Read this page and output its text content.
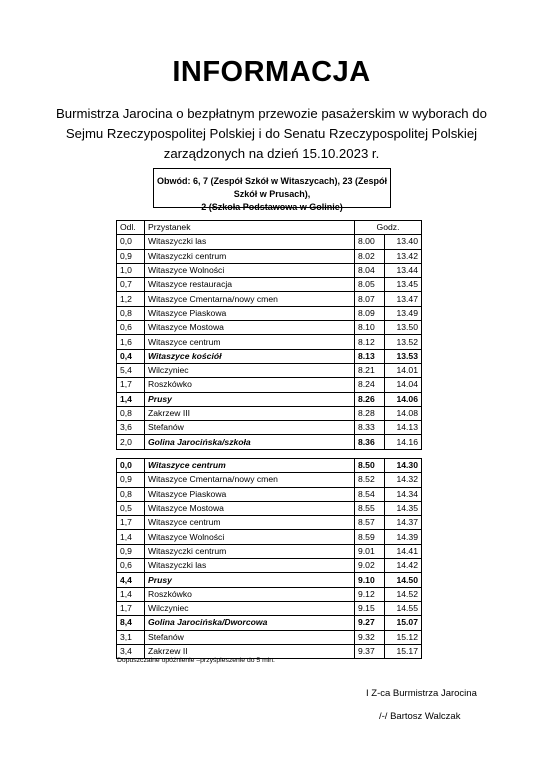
INFORMACJA
Burmistrza Jarocina o bezpłatnym przewozie pasażerskim w wyborach do Sejmu Rzeczypospolitej Polskiej i do Senatu Rzeczypospolitej Polskiej zarządzonych na dzień 15.10.2023 r.
Obwód: 6, 7 (Zespół Szkół w Witaszycach), 23 (Zespół Szkół w Prusach),
2 (Szkoła Podstawowa w Golinie)
Odl.	Przystanek	Godz.	
0,0	Witaszyczki las	8.00	13.40
0,9	Witaszyczki centrum	8.02	13.42
1,0	Witaszyce Wolności	8.04	13.44
0,7	Witaszyce restauracja	8.05	13.45
1,2	Witaszyce Cmentarna/nowy cmen	8.07	13.47
0,8	Witaszyce Piaskowa	8.09	13.49
0,6	Witaszyce Mostowa	8.10	13.50
1,6	Witaszyce centrum	8.12	13.52
0,4	Witaszyce kościół	8.13	13.53
5,4	Wilczyniec	8.21	14.01
1,7	Roszkówko	8.24	14.04
1,4	Prusy	8.26	14.06
0,8	Zakrzew III	8.28	14.08
3,6	Stefanów	8.33	14.13
2,0	Golina Jarocińska/szkoła	8.36	14.16
0,0	Witaszyce centrum	8.50	14.30
0,9	Witaszyce Cmentarna/nowy cmen	8.52	14.32
0,8	Witaszyce Piaskowa	8.54	14.34
0,5	Witaszyce Mostowa	8.55	14.35
1,7	Witaszyce centrum	8.57	14.37
1,4	Witaszyce Wolności	8.59	14.39
0,9	Witaszyczki centrum	9.01	14.41
0,6	Witaszyczki las	9.02	14.42
4,4	Prusy	9.10	14.50
1,4	Roszkówko	9.12	14.52
1,7	Wilczyniec	9.15	14.55
8,4	Golina Jarocińska/Dworcowa	9.27	15.07
3,1	Stefanów	9.32	15.12
3,4	Zakrzew II	9.37	15.17
Dopuszczalne opóźnienie –przyśpieszenie do 5 min.
I Z-ca Burmistrza Jarocina
/-/ Bartosz Walczak
